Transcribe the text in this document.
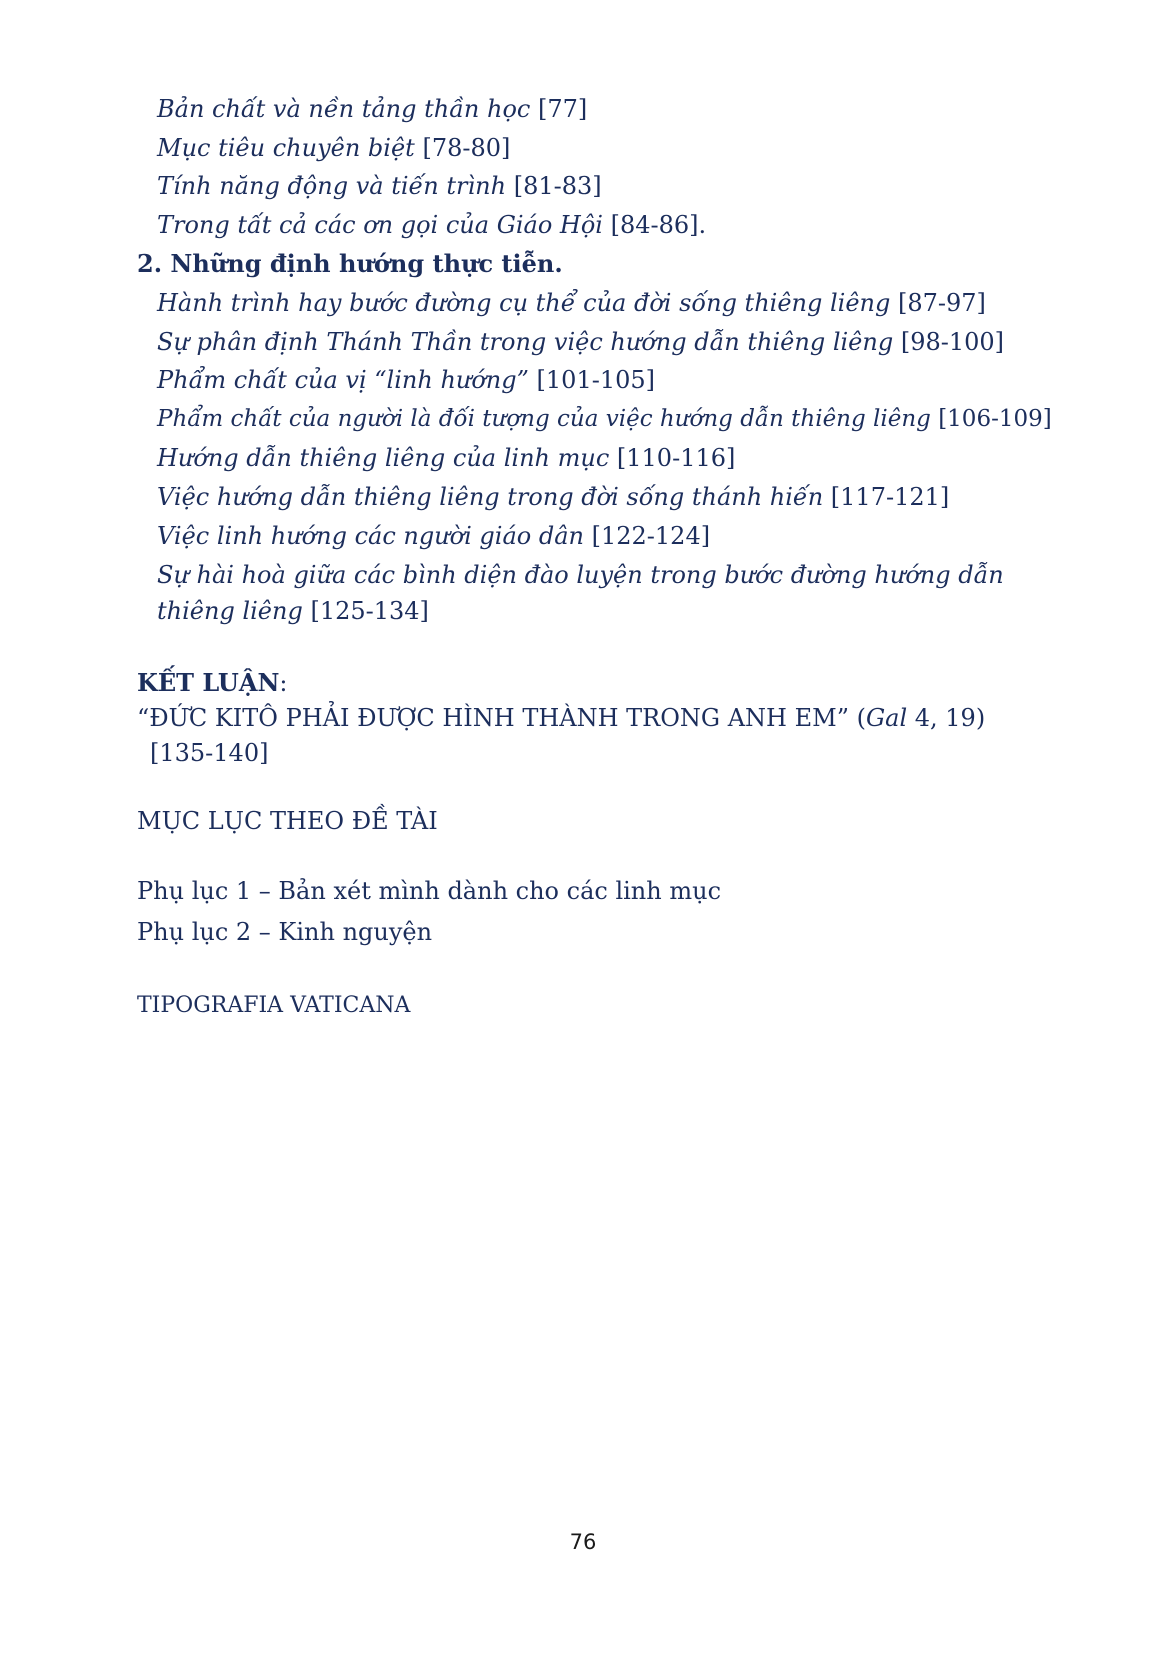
Bản chất và nền tảng thần học [77]
Mục tiêu chuyên biệt [78-80]
Tính năng động và tiến trình [81-83]
Trong tất cả các ơn gọi của Giáo Hội [84-86].
2. Những định hướng thực tiễn.
Hành trình hay bước đường cụ thể của đời sống thiêng liêng [87-97]
Sự phân định Thánh Thần trong việc hướng dẫn thiêng liêng [98-100]
Phẩm chất của vị “linh hướng” [101-105]
Phẩm chất của người là đối tượng của việc hướng dẫn thiêng liêng [106-109]
Hướng dẫn thiêng liêng của linh mục [110-116]
Việc hướng dẫn thiêng liêng trong đời sống thánh hiến [117-121]
Việc linh hướng các người giáo dân [122-124]
Sự hài hoà giữa các bình diện đào luyện trong bước đường hướng dẫn
thiêng liêng [125-134]
KẾT LUẬN:
“ĐỨC KITÔ PHẢI ĐƯỢC HÌNH THÀNH TRONG ANH EM” (Gal 4, 19)
[135-140]
MỤC LỤC THEO ĐỀ TÀI
Phụ lục 1 – Bản xét mình dành cho các linh mục
Phụ lục 2 – Kinh nguyện
TIPOGRAFIA VATICANA
76
